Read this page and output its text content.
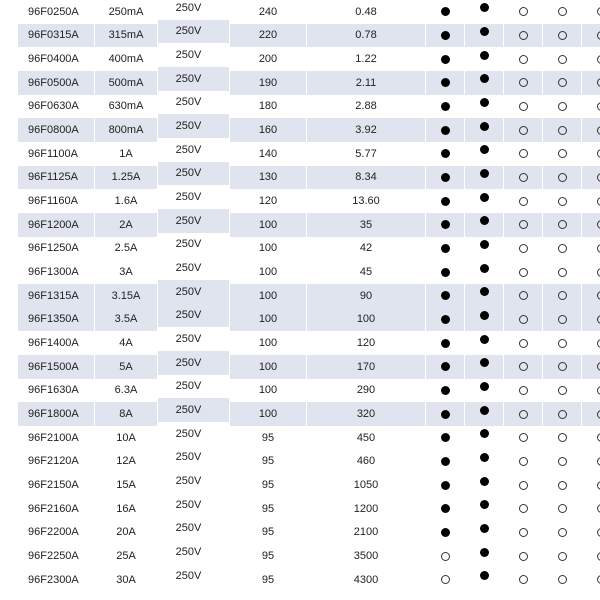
96F0250A	250mA	250V	240	0.48					
96F0315A	315mA	250V	220	0.78					
96F0400A	400mA	250V	200	1.22					
96F0500A	500mA	250V	190	2.11					
96F0630A	630mA	250V	180	2.88					
96F0800A	800mA	250V	160	3.92					
96F1100A	1A	250V	140	5.77					
96F1125A	1.25A	250V	130	8.34					
96F1160A	1.6A	250V	120	13.60					
96F1200A	2A	250V	100	35					
96F1250A	2.5A	250V	100	42					
96F1300A	3A	250V	100	45					
96F1315A	3.15A	250V	100	90					
96F1350A	3.5A	250V	100	100					
96F1400A	4A	250V	100	120					
96F1500A	5A	250V	100	170					
96F1630A	6.3A	250V	100	290					
96F1800A	8A	250V	100	320					
96F2100A	10A	250V	95	450					
96F2120A	12A	250V	95	460					
96F2150A	15A	250V	95	1050					
96F2160A	16A	250V	95	1200					
96F2200A	20A	250V	95	2100					
96F2250A	25A	250V	95	3500					
96F2300A	30A	250V	95	4300					
